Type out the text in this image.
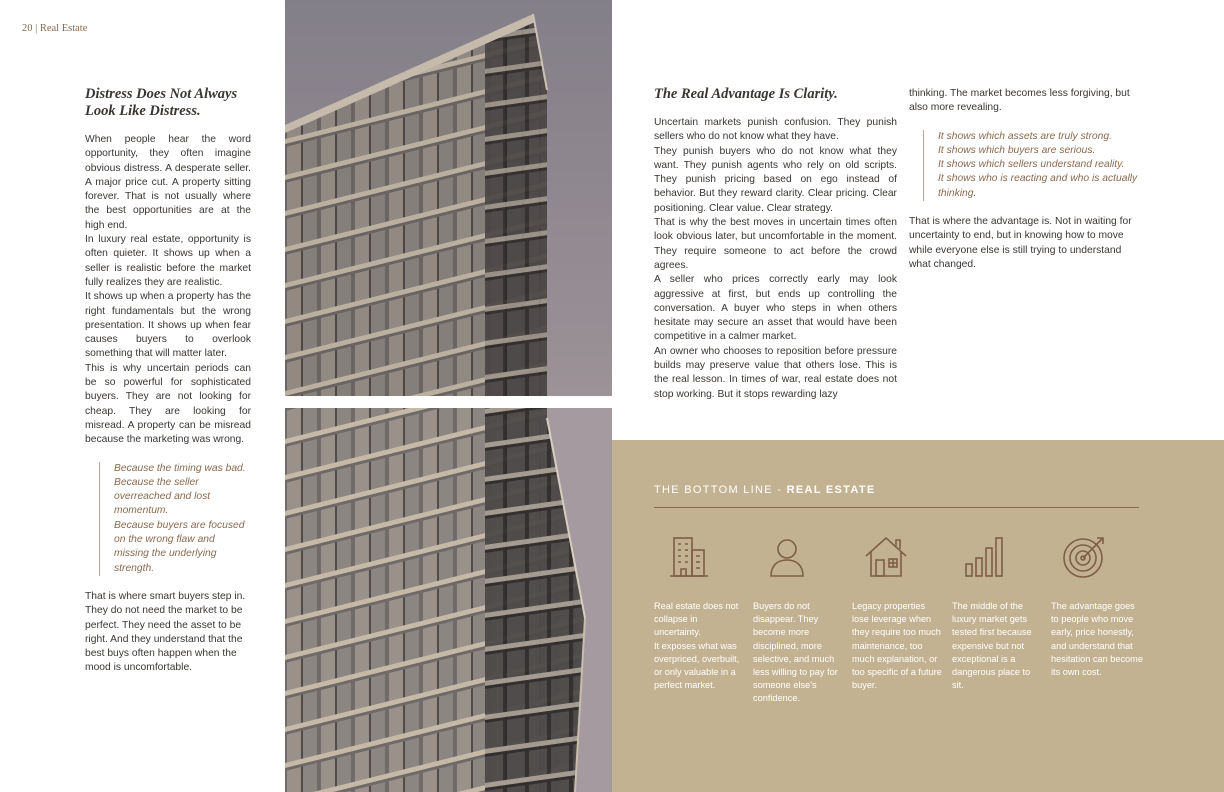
20 | Real Estate
Distress Does Not Always Look Like Distress.

When people hear the word opportunity, they often imagine obvious distress. A desperate seller. A major price cut. A property sitting forever. That is not usually where the best opportunities are at the high end.

In luxury real estate, opportunity is often quieter. It shows up when a seller is realistic before the market fully realizes they are realistic.

It shows up when a property has the right fundamentals but the wrong presentation. It shows up when fear causes buyers to overlook something that will matter later.

This is why uncertain periods can be so powerful for sophisticated buyers. They are not looking for cheap. They are looking for misread. A property can be misread because the marketing was wrong.

Because the timing was bad.

Because the seller overreached and lost momentum.

Because buyers are focused on the wrong flaw and missing the underlying strength.

That is where smart buyers step in. They do not need the market to be perfect. They need the asset to be right. And they understand that the best buys often happen when the mood is uncomfortable.
The Real Advantage Is Clarity.

Uncertain markets punish confusion. They punish sellers who do not know what they have.

They punish buyers who do not know what they want. They punish agents who rely on old scripts. They punish pricing based on ego instead of behavior. But they reward clarity. Clear pricing. Clear positioning. Clear value. Clear strategy.

That is why the best moves in uncertain times often look obvious later, but uncomfortable in the moment. They require someone to act before the crowd agrees.

A seller who prices correctly early may look aggressive at first, but ends up controlling the conversation. A buyer who steps in when others hesitate may secure an asset that would have been competitive in a calmer market.

An owner who chooses to reposition before pressure builds may preserve value that others lose. This is the real lesson. In times of war, real estate does not stop working. But it stops rewarding lazy

thinking. The market becomes less forgiving, but also more revealing.

It shows which assets are truly strong.

It shows which buyers are serious.

It shows which sellers understand reality.

It shows who is reacting and who is actually thinking.

That is where the advantage is. Not in waiting for uncertainty to end, but in knowing how to move while everyone else is still trying to understand what changed.
THE BOTTOM LINE - REAL ESTATE

Real estate does not collapse in uncertainty.

It exposes what was overpriced, overbuilt, or only valuable in a perfect market.

Buyers do not disappear. They become more disciplined, more selective, and much less willing to pay for someone else's confidence.

Legacy properties lose leverage when they require too much maintenance, too much explanation, or too specific of a future buyer.

The middle of the luxury market gets tested first because expensive but not exceptional is a dangerous place to sit.

The advantage goes to people who move early, price honestly, and understand that hesitation can become its own cost.
